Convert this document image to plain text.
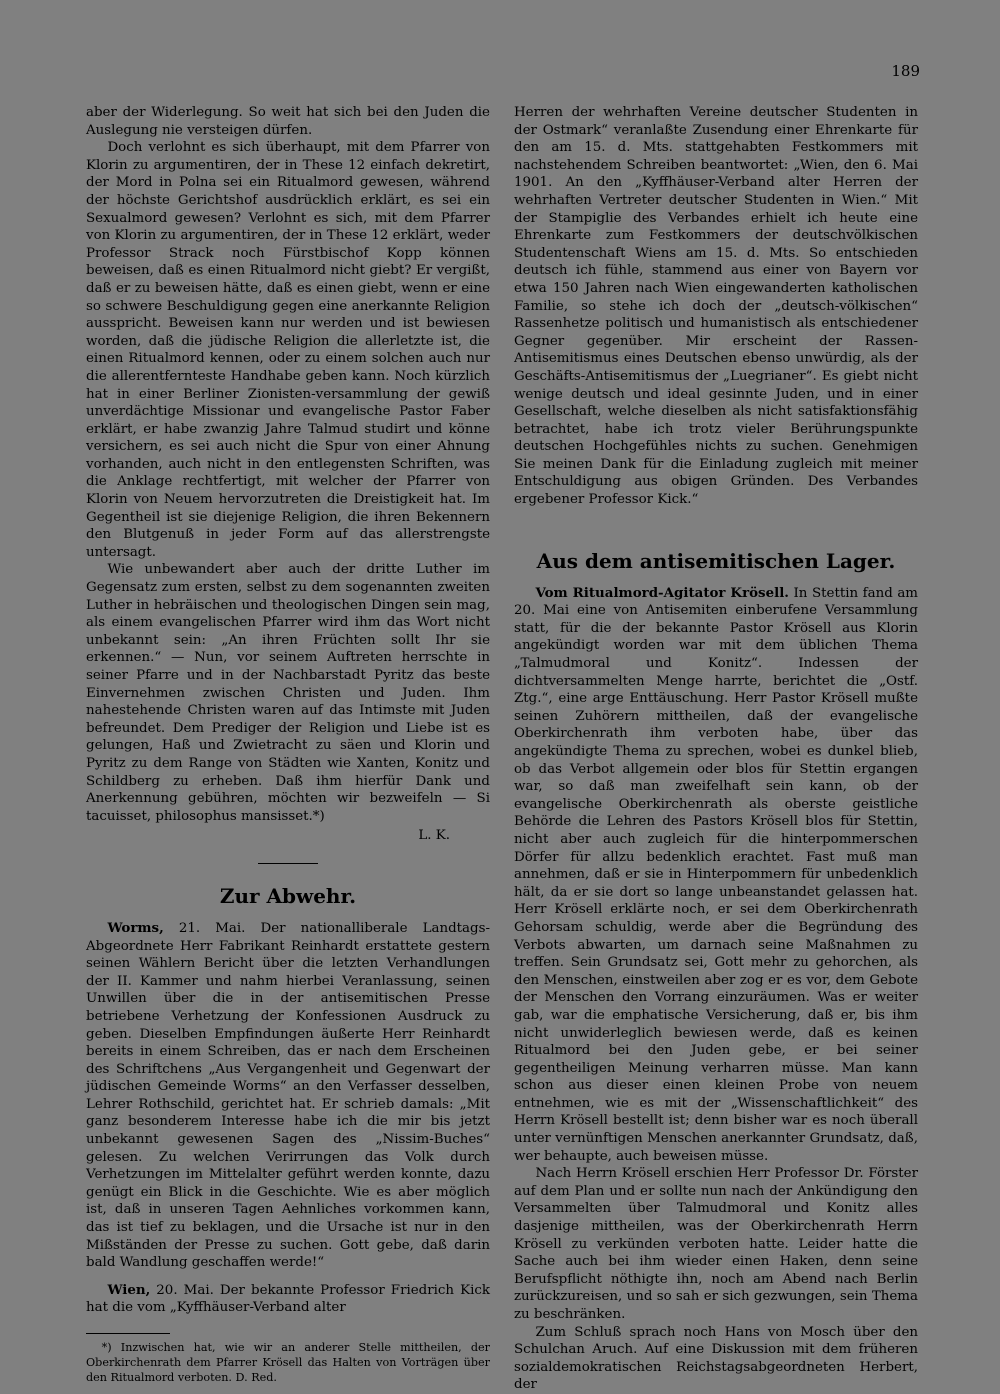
189

aber der Widerlegung. So weit hat sich bei den Juden die Auslegung nie versteigen dürfen.

Doch verlohnt es sich überhaupt, mit dem Pfarrer von Klorin zu argumentiren, der in These 12 einfach dekretirt, der Mord in Polna sei ein Ritualmord gewesen, während der höchste Gerichtshof ausdrücklich erklärt, es sei ein Sexualmord gewesen? Verlohnt es sich, mit dem Pfarrer von Klorin zu argumentiren, der in These 12 erklärt, weder Professor Strack noch Fürstbischof Kopp können beweisen, daß es einen Ritualmord nicht giebt? Er vergißt, daß er zu beweisen hätte, daß es einen giebt, wenn er eine so schwere Beschuldigung gegen eine anerkannte Religion ausspricht. Beweisen kann nur werden und ist bewiesen worden, daß die jüdische Religion die allerletzte ist, die einen Ritualmord kennen, oder zu einem solchen auch nur die allerentfernteste Handhabe geben kann. Noch kürzlich hat in einer Berliner Zionisten-versammlung der gewiß unverdächtige Missionar und evangelische Pastor Faber erklärt, er habe zwanzig Jahre Talmud studirt und könne versichern, es sei auch nicht die Spur von einer Ahnung vorhanden, auch nicht in den entlegensten Schriften, was die Anklage rechtfertigt, mit welcher der Pfarrer von Klorin von Neuem hervorzutreten die Dreistigkeit hat. Im Gegentheil ist sie diejenige Religion, die ihren Bekennern den Blutgenuß in jeder Form auf das allerstrengste untersagt.

Wie unbewandert aber auch der dritte Luther im Gegensatz zum ersten, selbst zu dem sogenannten zweiten Luther in hebräischen und theologischen Dingen sein mag, als einem evangelischen Pfarrer wird ihm das Wort nicht unbekannt sein: „An ihren Früchten sollt Ihr sie erkennen.“ — Nun, vor seinem Auftreten herrschte in seiner Pfarre und in der Nachbarstadt Pyritz das beste Einvernehmen zwischen Christen und Juden. Ihm nahestehende Christen waren auf das Intimste mit Juden befreundet. Dem Prediger der Religion und Liebe ist es gelungen, Haß und Zwietracht zu säen und Klorin und Pyritz zu dem Range von Städten wie Xanten, Konitz und Schildberg zu erheben. Daß ihm hierfür Dank und Anerkennung gebühren, möchten wir bezweifeln — Si tacuisset, philosophus mansisset.*)

L. K.
Zur Abwehr.

Worms, 21. Mai. Der nationalliberale Landtags-Abgeordnete Herr Fabrikant Reinhardt erstattete gestern seinen Wählern Bericht über die letzten Verhandlungen der II. Kammer und nahm hierbei Veranlassung, seinen Unwillen über die in der antisemitischen Presse betriebene Verhetzung der Konfessionen Ausdruck zu geben. Dieselben Empfindungen äußerte Herr Reinhardt bereits in einem Schreiben, das er nach dem Erscheinen des Schriftchens „Aus Vergangenheit und Gegenwart der jüdischen Gemeinde Worms“ an den Verfasser desselben, Lehrer Rothschild, gerichtet hat. Er schrieb damals: „Mit ganz besonderem Interesse habe ich die mir bis jetzt unbekannt gewesenen Sagen des „Nissim-Buches“ gelesen. Zu welchen Verirrungen das Volk durch Verhetzungen im Mittelalter geführt werden konnte, dazu genügt ein Blick in die Geschichte. Wie es aber möglich ist, daß in unseren Tagen Aehnliches vorkommen kann, das ist tief zu beklagen, und die Ursache ist nur in den Mißständen der Presse zu suchen. Gott gebe, daß darin bald Wandlung geschaffen werde!“

Wien, 20. Mai. Der bekannte Professor Friedrich Kick hat die vom „Kyffhäuser-Verband alter

*) Inzwischen hat, wie wir an anderer Stelle mittheilen, der Oberkirchenrath dem Pfarrer Krösell das Halten von Vorträgen über den Ritualmord verboten. D. Red.

Herren der wehrhaften Vereine deutscher Studenten in der Ostmark“ veranlaßte Zusendung einer Ehrenkarte für den am 15. d. Mts. stattgehabten Festkommers mit nachstehendem Schreiben beantwortet: „Wien, den 6. Mai 1901. An den „Kyffhäuser-Verband alter Herren der wehrhaften Vertreter deutscher Studenten in Wien.“ Mit der Stampiglie des Verbandes erhielt ich heute eine Ehrenkarte zum Festkommers der deutschvölkischen Studentenschaft Wiens am 15. d. Mts. So entschieden deutsch ich fühle, stammend aus einer von Bayern vor etwa 150 Jahren nach Wien eingewanderten katholischen Familie, so stehe ich doch der „deutsch-völkischen“ Rassenhetze politisch und humanistisch als entschiedener Gegner gegenüber. Mir erscheint der Rassen-Antisemitismus eines Deutschen ebenso unwürdig, als der Geschäfts-Antisemitismus der „Luegrianer“. Es giebt nicht wenige deutsch und ideal gesinnte Juden, und in einer Gesellschaft, welche dieselben als nicht satisfaktionsfähig betrachtet, habe ich trotz vieler Berührungspunkte deutschen Hochgefühles nichts zu suchen. Genehmigen Sie meinen Dank für die Einladung zugleich mit meiner Entschuldigung aus obigen Gründen. Des Verbandes ergebener Professor Kick.“

Aus dem antisemitischen Lager.

Vom Ritualmord-Agitator Krösell. In Stettin fand am 20. Mai eine von Antisemiten einberufene Versammlung statt, für die der bekannte Pastor Krösell aus Klorin angekündigt worden war mit dem üblichen Thema „Talmudmoral und Konitz“. Indessen der dichtversammelten Menge harrte, berichtet die „Ostf. Ztg.“, eine arge Enttäuschung. Herr Pastor Krösell mußte seinen Zuhörern mittheilen, daß der evangelische Oberkirchenrath ihm verboten habe, über das angekündigte Thema zu sprechen, wobei es dunkel blieb, ob das Verbot allgemein oder blos für Stettin ergangen war, so daß man zweifelhaft sein kann, ob der evangelische Oberkirchenrath als oberste geistliche Behörde die Lehren des Pastors Krösell blos für Stettin, nicht aber auch zugleich für die hinterpommerschen Dörfer für allzu bedenklich erachtet. Fast muß man annehmen, daß er sie in Hinterpommern für unbedenklich hält, da er sie dort so lange unbeanstandet gelassen hat. Herr Krösell erklärte noch, er sei dem Oberkirchenrath Gehorsam schuldig, werde aber die Begründung des Verbots abwarten, um darnach seine Maßnahmen zu treffen. Sein Grundsatz sei, Gott mehr zu gehorchen, als den Menschen, einstweilen aber zog er es vor, dem Gebote der Menschen den Vorrang einzuräumen. Was er weiter gab, war die emphatische Versicherung, daß er, bis ihm nicht unwiderleglich bewiesen werde, daß es keinen Ritualmord bei den Juden gebe, er bei seiner gegentheiligen Meinung verharren müsse. Man kann schon aus dieser einen kleinen Probe von neuem entnehmen, wie es mit der „Wissenschaftlichkeit“ des Herrn Krösell bestellt ist; denn bisher war es noch überall unter vernünftigen Menschen anerkannter Grundsatz, daß, wer behaupte, auch beweisen müsse.

Nach Herrn Krösell erschien Herr Professor Dr. Förster auf dem Plan und er sollte nun nach der Ankündigung den Versammelten über Talmudmoral und Konitz alles dasjenige mittheilen, was der Oberkirchenrath Herrn Krösell zu verkünden verboten hatte. Leider hatte die Sache auch bei ihm wieder einen Haken, denn seine Berufspflicht nöthigte ihn, noch am Abend nach Berlin zurückzureisen, und so sah er sich gezwungen, sein Thema zu beschränken.

Zum Schluß sprach noch Hans von Mosch über den Schulchan Aruch. Auf eine Diskussion mit dem früheren sozialdemokratischen Reichstagsabgeordneten Herbert, der
